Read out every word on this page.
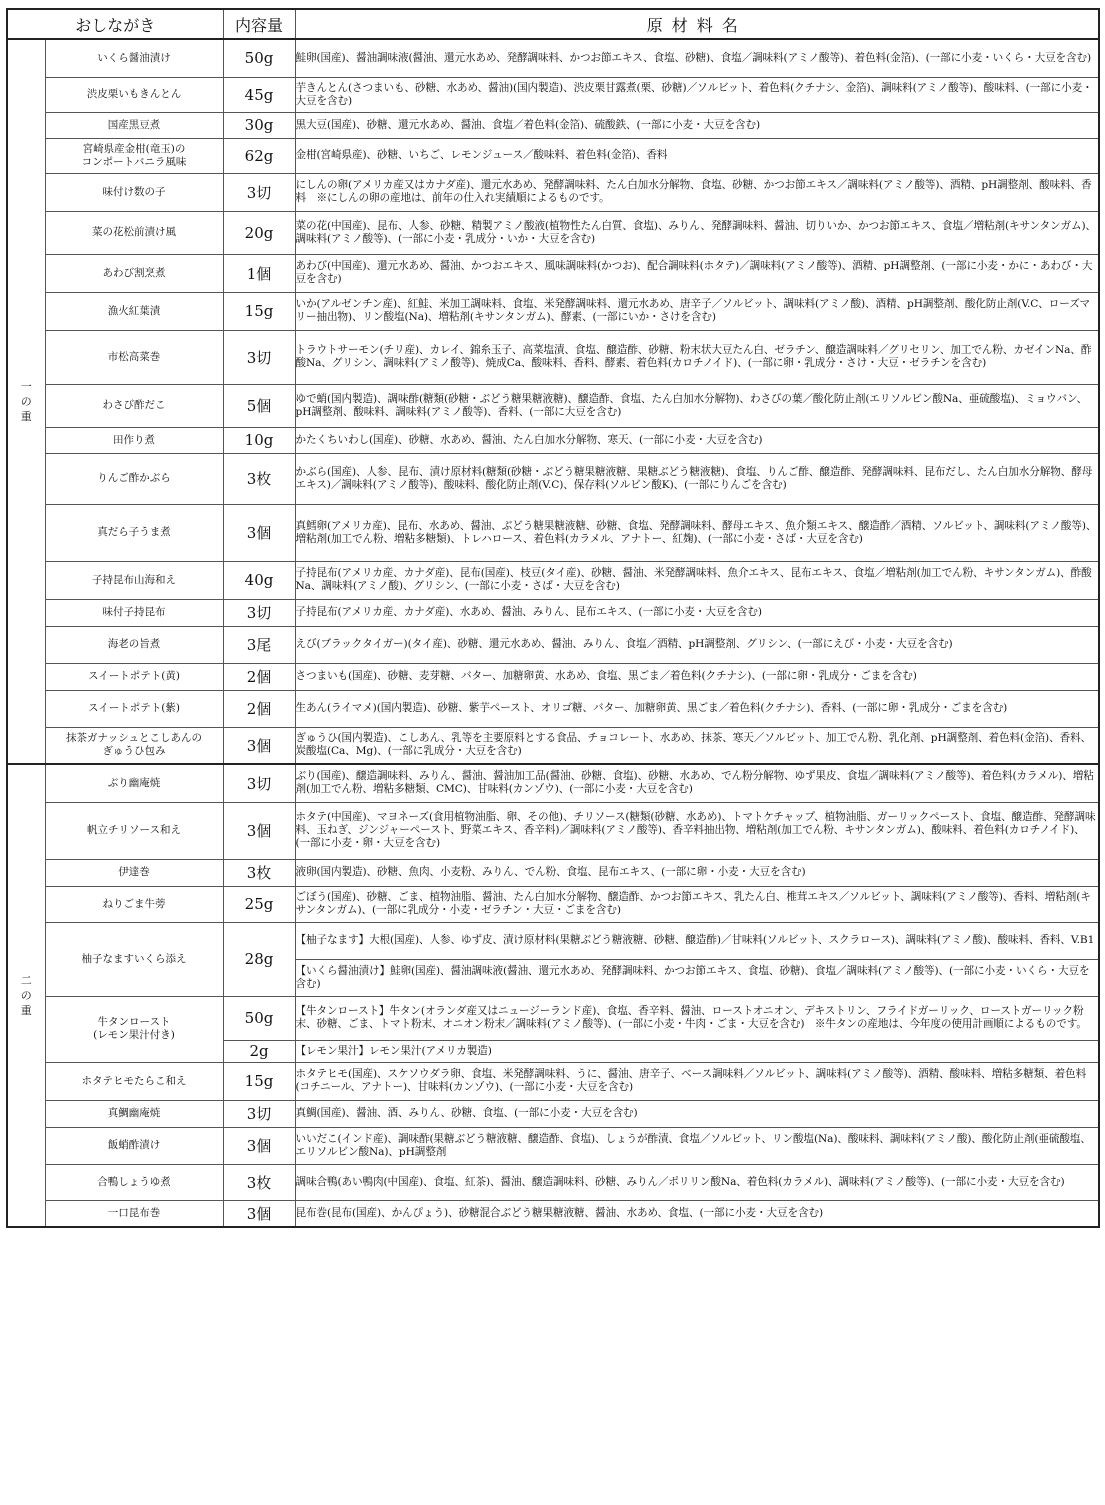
おしながき		内容量	原材料名
一
の
重	いくら醤油漬け	50g	鮭卵(国産)、醤油調味液(醤油、還元水あめ、発酵調味料、かつお節エキス、食塩、砂糖)、食塩／調味料(アミノ酸等)、着色料(金箔)、(一部に小麦・いくら・大豆を含む)
	渋皮栗いもきんとん	45g	芋きんとん(さつまいも、砂糖、水あめ、醤油)(国内製造)、渋皮栗甘露煮(栗、砂糖)／ソルビット、着色料(クチナシ、金箔)、調味料(アミノ酸等)、酸味料、(一部に小麦・大豆を含む)
	国産黒豆煮	30g	黒大豆(国産)、砂糖、還元水あめ、醤油、食塩／着色料(金箔)、硫酸鉄、(一部に小麦・大豆を含む)
	宮崎県産金柑(竜玉)の
コンポートバニラ風味	62g	金柑(宮崎県産)、砂糖、いちご、レモンジュース／酸味料、着色料(金箔)、香料
	味付け数の子	3切	にしんの卵(アメリカ産又はカナダ産)、還元水あめ、発酵調味料、たん白加水分解物、食塩、砂糖、かつお節エキス／調味料(アミノ酸等)、酒精、pH調整剤、酸味料、香料　※にしんの卵の産地は、前年の仕入れ実績順によるものです。
	菜の花松前漬け風	20g	菜の花(中国産)、昆布、人参、砂糖、精製アミノ酸液(植物性たん白質、食塩)、みりん、発酵調味料、醤油、切りいか、かつお節エキス、食塩／増粘剤(キサンタンガム)、調味料(アミノ酸等)、(一部に小麦・乳成分・いか・大豆を含む)
	あわび割烹煮	1個	あわび(中国産)、還元水あめ、醤油、かつおエキス、風味調味料(かつお)、配合調味料(ホタテ)／調味料(アミノ酸等)、酒精、pH調整剤、(一部に小麦・かに・あわび・大豆を含む)
	漁火紅葉漬	15g	いか(アルゼンチン産)、紅鮭、米加工調味料、食塩、米発酵調味料、還元水あめ、唐辛子／ソルビット、調味料(アミノ酸)、酒精、pH調整剤、酸化防止剤(V.C、ローズマリー抽出物)、リン酸塩(Na)、増粘剤(キサンタンガム)、酵素、(一部にいか・さけを含む)
	市松高菜巻	3切	トラウトサーモン(チリ産)、カレイ、錦糸玉子、高菜塩漬、食塩、醸造酢、砂糖、粉末状大豆たん白、ゼラチン、醸造調味料／グリセリン、加工でん粉、カゼインNa、酢酸Na、グリシン、調味料(アミノ酸等)、焼成Ca、酸味料、香料、酵素、着色料(カロチノイド)、(一部に卵・乳成分・さけ・大豆・ゼラチンを含む)
	わさび酢だこ	5個	ゆで蛸(国内製造)、調味酢(糖類(砂糖・ぶどう糖果糖液糖)、醸造酢、食塩、たん白加水分解物)、わさびの葉／酸化防止剤(エリソルビン酸Na、亜硫酸塩)、ミョウバン、pH調整剤、酸味料、調味料(アミノ酸等)、香料、(一部に大豆を含む)
	田作り煮	10g	かたくちいわし(国産)、砂糖、水あめ、醤油、たん白加水分解物、寒天、(一部に小麦・大豆を含む)
	りんご酢かぶら	3枚	かぶら(国産)、人参、昆布、漬け原材料(糖類(砂糖・ぶどう糖果糖液糖、果糖ぶどう糖液糖)、食塩、りんご酢、醸造酢、発酵調味料、昆布だし、たん白加水分解物、酵母エキス)／調味料(アミノ酸等)、酸味料、酸化防止剤(V.C)、保存料(ソルビン酸K)、(一部にりんごを含む)
	真だら子うま煮	3個	真鱈卵(アメリカ産)、昆布、水あめ、醤油、ぶどう糖果糖液糖、砂糖、食塩、発酵調味料、酵母エキス、魚介類エキス、醸造酢／酒精、ソルビット、調味料(アミノ酸等)、増粘剤(加工でん粉、増粘多糖類)、トレハロース、着色料(カラメル、アナトー、紅麹)、(一部に小麦・さば・大豆を含む)
	子持昆布山海和え	40g	子持昆布(アメリカ産、カナダ産)、昆布(国産)、枝豆(タイ産)、砂糖、醤油、米発酵調味料、魚介エキス、昆布エキス、食塩／増粘剤(加工でん粉、キサンタンガム)、酢酸Na、調味料(アミノ酸)、グリシン、(一部に小麦・さば・大豆を含む)
	味付子持昆布	3切	子持昆布(アメリカ産、カナダ産)、水あめ、醤油、みりん、昆布エキス、(一部に小麦・大豆を含む)
	海老の旨煮	3尾	えび(ブラックタイガー)(タイ産)、砂糖、還元水あめ、醤油、みりん、食塩／酒精、pH調整剤、グリシン、(一部にえび・小麦・大豆を含む)
	スイートポテト(黄)	2個	さつまいも(国産)、砂糖、麦芽糖、バター、加糖卵黄、水あめ、食塩、黒ごま／着色料(クチナシ)、(一部に卵・乳成分・ごまを含む)
	スイートポテト(紫)	2個	生あん(ライマメ)(国内製造)、砂糖、紫芋ペースト、オリゴ糖、バター、加糖卵黄、黒ごま／着色料(クチナシ)、香料、(一部に卵・乳成分・ごまを含む)
	抹茶ガナッシュとこしあんの
ぎゅうひ包み	3個	ぎゅうひ(国内製造)、こしあん、乳等を主要原料とする食品、チョコレート、水あめ、抹茶、寒天／ソルビット、加工でん粉、乳化剤、pH調整剤、着色料(金箔)、香料、炭酸塩(Ca、Mg)、(一部に乳成分・大豆を含む)
二
の
重	ぶり幽庵焼	3切	ぶり(国産)、醸造調味料、みりん、醤油、醤油加工品(醤油、砂糖、食塩)、砂糖、水あめ、でん粉分解物、ゆず果皮、食塩／調味料(アミノ酸等)、着色料(カラメル)、増粘剤(加工でん粉、増粘多糖類、CMC)、甘味料(カンゾウ)、(一部に小麦・大豆を含む)
	帆立チリソース和え	3個	ホタテ(中国産)、マヨネーズ(食用植物油脂、卵、その他)、チリソース(糖類(砂糖、水あめ)、トマトケチャップ、植物油脂、ガーリックペースト、食塩、醸造酢、発酵調味料、玉ねぎ、ジンジャーペースト、野菜エキス、香辛料)／調味料(アミノ酸等)、香辛料抽出物、増粘剤(加工でん粉、キサンタンガム)、酸味料、着色料(カロチノイド)、(一部に小麦・卵・大豆を含む)
	伊達巻	3枚	液卵(国内製造)、砂糖、魚肉、小麦粉、みりん、でん粉、食塩、昆布エキス、(一部に卵・小麦・大豆を含む)
	ねりごま牛蒡	25g	ごぼう(国産)、砂糖、ごま、植物油脂、醤油、たん白加水分解物、醸造酢、かつお節エキス、乳たん白、椎茸エキス／ソルビット、調味料(アミノ酸等)、香料、増粘剤(キサンタンガム)、(一部に乳成分・小麦・ゼラチン・大豆・ごまを含む)
	柚子なますいくら添え	28g	【柚子なます】大根(国産)、人参、ゆず皮、漬け原材料(果糖ぶどう糖液糖、砂糖、醸造酢)／甘味料(ソルビット、スクラロース)、調味料(アミノ酸)、酸味料、香料、V.B1
			【いくら醤油漬け】鮭卵(国産)、醤油調味液(醤油、還元水あめ、発酵調味料、かつお節エキス、食塩、砂糖)、食塩／調味料(アミノ酸等)、(一部に小麦・いくら・大豆を含む)
	牛タンロースト
(レモン果汁付き)	50g	【牛タンロースト】牛タン(オランダ産又はニュージーランド産)、食塩、香辛料、醤油、ローストオニオン、デキストリン、フライドガーリック、ローストガーリック粉末、砂糖、ごま、トマト粉末、オニオン粉末／調味料(アミノ酸等)、(一部に小麦・牛肉・ごま・大豆を含む)　※牛タンの産地は、今年度の使用計画順によるものです。
		2g	【レモン果汁】レモン果汁(アメリカ製造)
	ホタテヒモたらこ和え	15g	ホタテヒモ(国産)、スケソウダラ卵、食塩、米発酵調味料、うに、醤油、唐辛子、ベース調味料／ソルビット、調味料(アミノ酸等)、酒精、酸味料、増粘多糖類、着色料(コチニール、アナトー)、甘味料(カンゾウ)、(一部に小麦・大豆を含む)
	真鯛幽庵焼	3切	真鯛(国産)、醤油、酒、みりん、砂糖、食塩、(一部に小麦・大豆を含む)
	飯蛸酢漬け	3個	いいだこ(インド産)、調味酢(果糖ぶどう糖液糖、醸造酢、食塩)、しょうが酢漬、食塩／ソルビット、リン酸塩(Na)、酸味料、調味料(アミノ酸)、酸化防止剤(亜硫酸塩、エリソルビン酸Na)、pH調整剤
	合鴨しょうゆ煮	3枚	調味合鴨(あい鴨肉(中国産)、食塩、紅茶)、醤油、醸造調味料、砂糖、みりん／ポリリン酸Na、着色料(カラメル)、調味料(アミノ酸等)、(一部に小麦・大豆を含む)
	一口昆布巻	3個	昆布巻(昆布(国産)、かんぴょう)、砂糖混合ぶどう糖果糖液糖、醤油、水あめ、食塩、(一部に小麦・大豆を含む)
